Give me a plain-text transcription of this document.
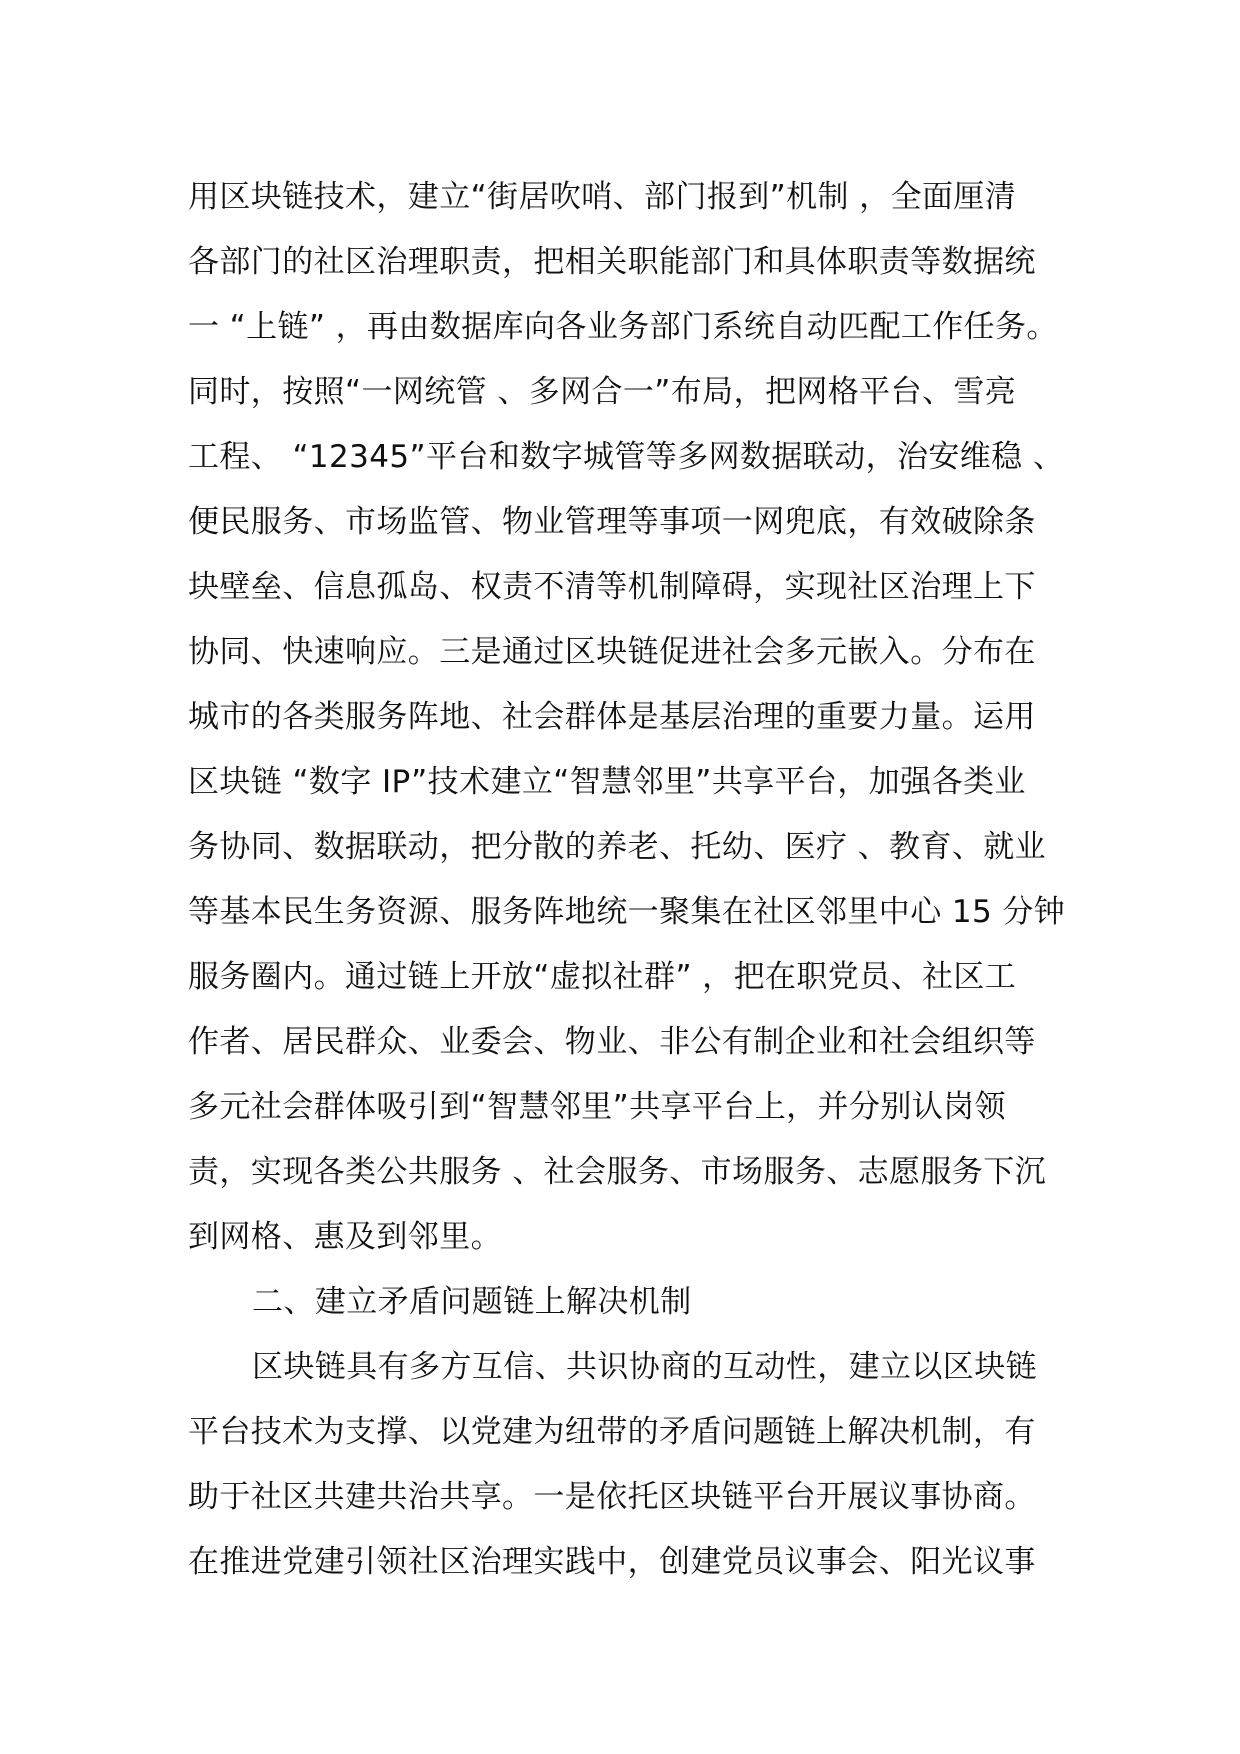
用区块链技术，建立“街居吹哨、部门报到”机制 ，全面厘清
各部门的社区治理职责，把相关职能部门和具体职责等数据统
一 “上链” ，再由数据库向各业务部门系统自动匹配工作任务。
同时，按照“一网统管 、多网合一”布局，把网格平台、雪亮
工程、 “12345”平台和数字城管等多网数据联动，治安维稳 、
便民服务、市场监管、物业管理等事项一网兜底，有效破除条
块壁垒、信息孤岛、权责不清等机制障碍，实现社区治理上下
协同、快速响应。三是通过区块链促进社会多元嵌入。分布在
城市的各类服务阵地、社会群体是基层治理的重要力量。运用
区块链 “数字 IP”技术建立“智慧邻里”共享平台，加强各类业
务协同、数据联动，把分散的养老、托幼、医疗 、教育、就业
等基本民生务资源、服务阵地统一聚集在社区邻里中心 15 分钟
服务圈内。通过链上开放“虚拟社群” ，把在职党员、社区工
作者、居民群众、业委会、物业、非公有制企业和社会组织等
多元社会群体吸引到“智慧邻里”共享平台上，并分别认岗领
责，实现各类公共服务 、社会服务、市场服务、志愿服务下沉
到网格、惠及到邻里。
二、建立矛盾问题链上解决机制
区块链具有多方互信、共识协商的互动性，建立以区块链
平台技术为支撑、以党建为纽带的矛盾问题链上解决机制，有
助于社区共建共治共享。一是依托区块链平台开展议事协商。
在推进党建引领社区治理实践中，创建党员议事会、阳光议事
